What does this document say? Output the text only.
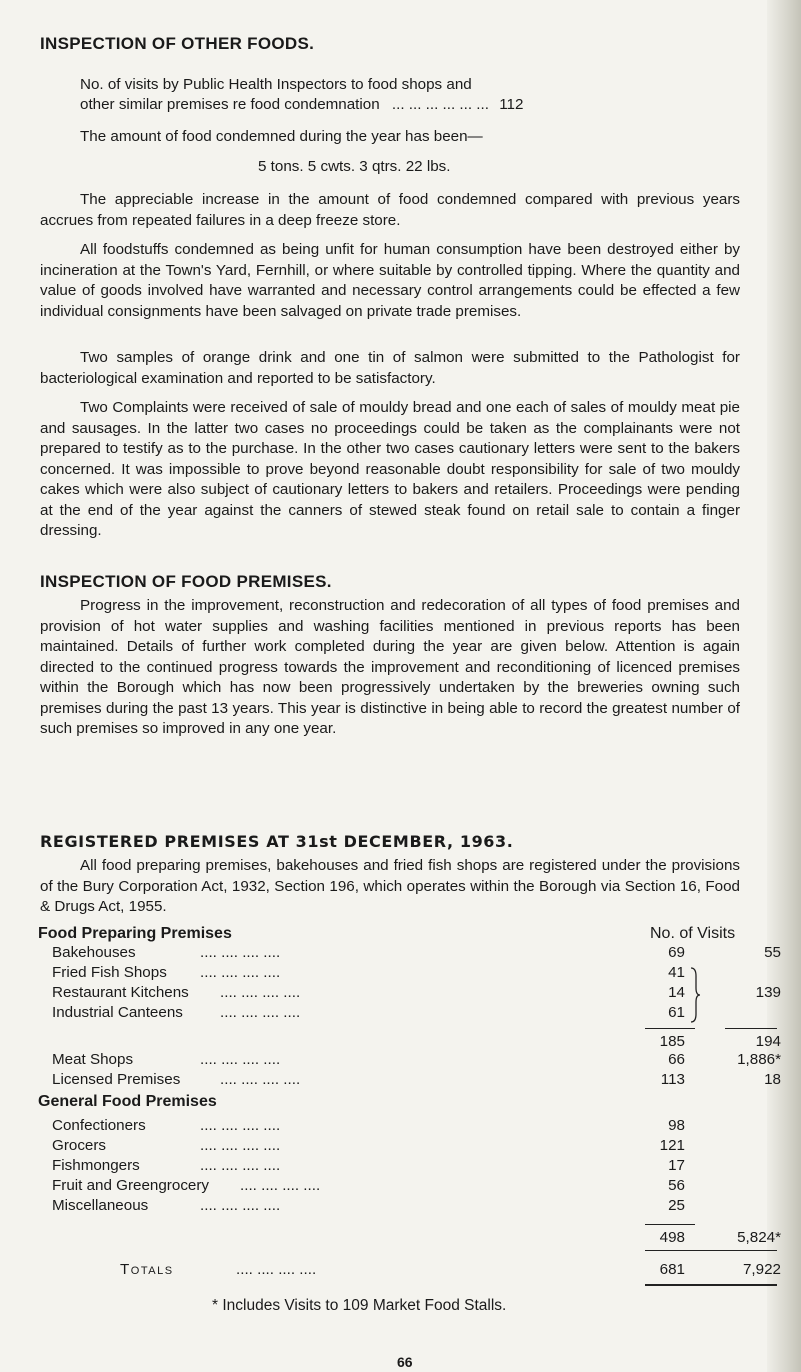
INSPECTION OF OTHER FOODS.
No. of visits by Public Health Inspectors to food shops and
other similar premises re food condemnation ... ... ... ... ... ... 112
The amount of food condemned during the year has been—
5 tons. 5 cwts. 3 qtrs. 22 lbs.

The appreciable increase in the amount of food condemned compared with previous years accrues from repeated failures in a deep freeze store.

All foodstuffs condemned as being unfit for human consumption have been destroyed either by incineration at the Town's Yard, Fernhill, or where suitable by controlled tipping. Where the quantity and value of goods involved have warranted and necessary control arrangements could be effected a few individual consignments have been salvaged on private trade premises.

Two samples of orange drink and one tin of salmon were submitted to the Pathologist for bacteriological examination and reported to be satisfactory.

Two Complaints were received of sale of mouldy bread and one each of sales of mouldy meat pie and sausages. In the latter two cases no proceedings could be taken as the complainants were not prepared to testify as to the purchase. In the other two cases cautionary letters were sent to the bakers concerned. It was impossible to prove beyond reasonable doubt responsibility for sale of two mouldy cakes which were also subject of cautionary letters to bakers and retailers. Proceedings were pending at the end of the year against the canners of stewed steak found on retail sale to contain a finger dressing.

INSPECTION OF FOOD PREMISES.

Progress in the improvement, reconstruction and redecoration of all types of food premises and provision of hot water supplies and washing facilities mentioned in previous reports has been maintained. Details of further work completed during the year are given below. Attention is again directed to the continued progress towards the improvement and reconditioning of licenced premises within the Borough which has now been progressively undertaken by the breweries owning such premises during the past 13 years. This year is distinctive in being able to record the greatest number of such premises so improved in any one year.

REGISTERED PREMISES AT 31st DECEMBER, 1963.

All food preparing premises, bakehouses and fried fish shops are registered under the provisions of the Bury Corporation Act, 1932, Section 196, which operates within the Borough via Section 16, Food & Drugs Act, 1955.

Food Preparing Premises	No. of Visits
Bakehouses	.... .... .... ....	69	55
Fried Fish Shops .... .... .... ....	41
Restaurant Kitchens .... .... .... ....	14	139
Industrial Canteens .... .... .... ....	61
185	194
Meat Shops	.... .... .... ....	66	1,886*
Licensed Premises	.... .... .... ....	113	18
General Food Premises
Confectioners	.... .... .... ....	98
Grocers	.... .... .... ....	121
Fishmongers	.... .... .... ....	17
Fruit and Greengrocery .... .... .... ....	56
Miscellaneous	.... .... .... ....	25
498	5,824*
Totals	.... .... .... ....	681	7,922
* Includes Visits to 109 Market Food Stalls.
66
